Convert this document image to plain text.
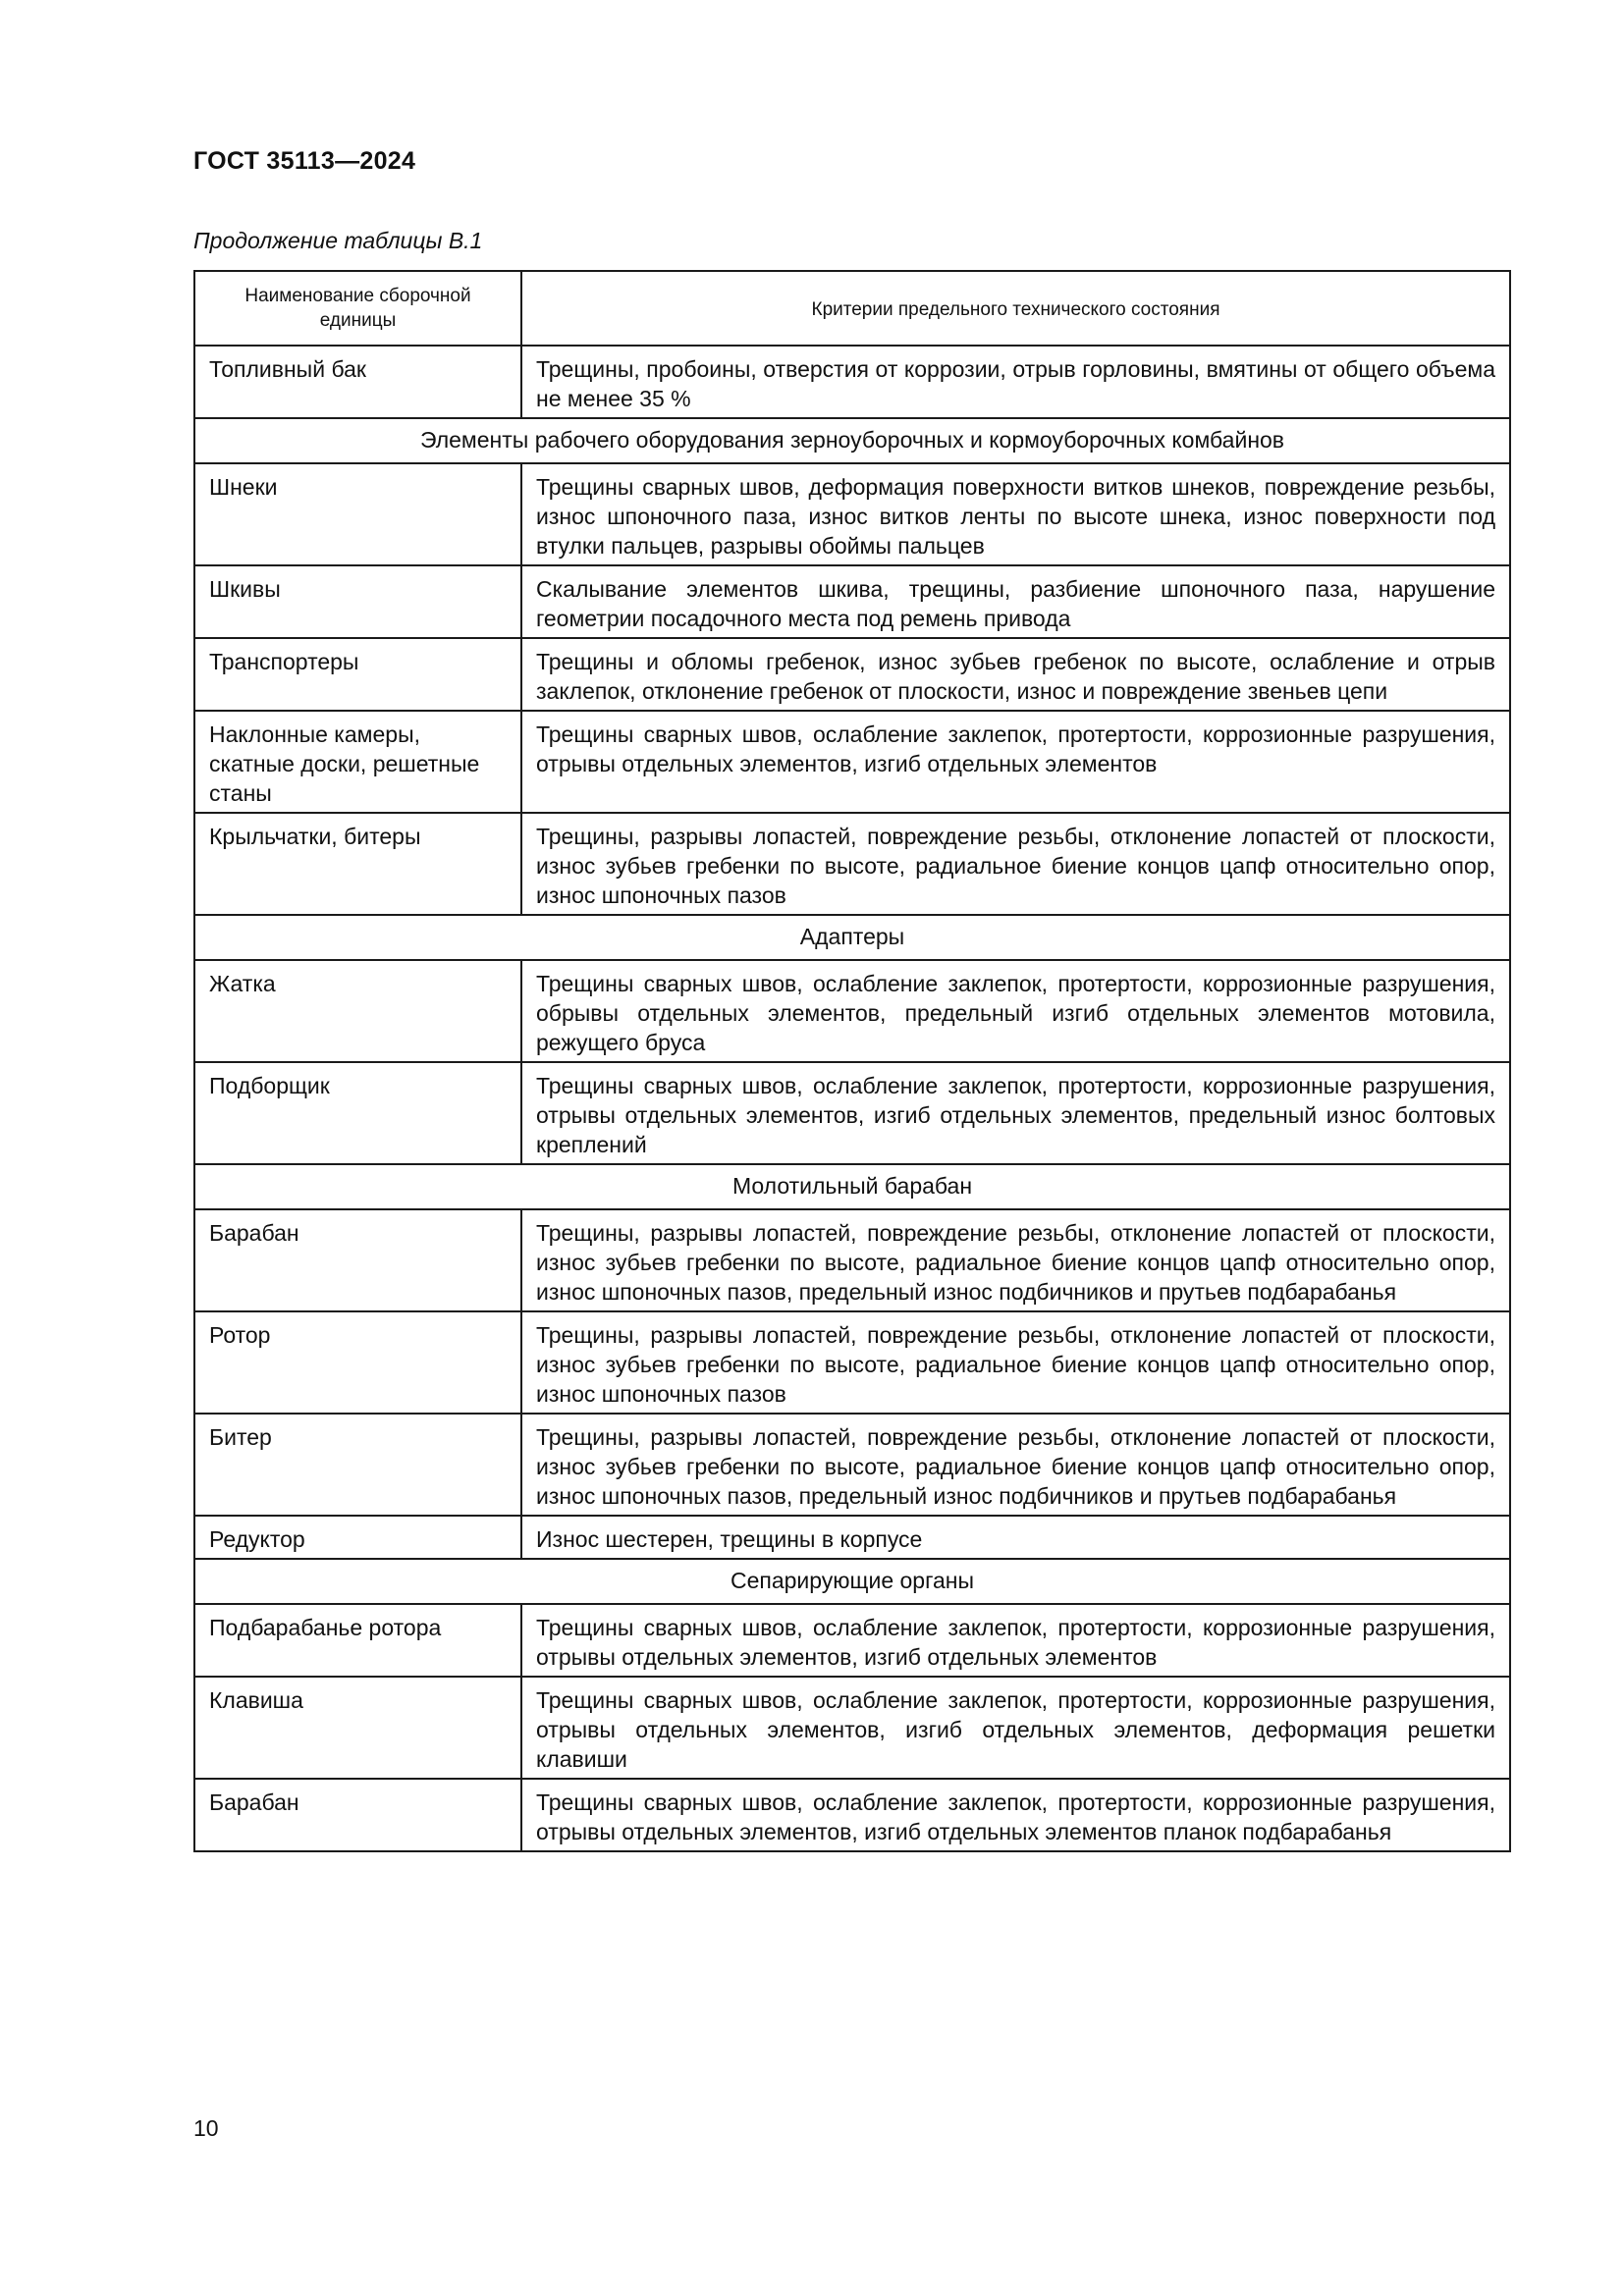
ГОСТ 35113—2024
Продолжение таблицы В.1
Наименование сборочной единицы	Критерии предельного технического состояния
Топливный бак	Трещины, пробоины, отверстия от коррозии, отрыв горловины, вмятины от общего объема не менее 35 %
Элементы рабочего оборудования зерноуборочных и кормоуборочных комбайнов	
Шнеки	Трещины сварных швов, деформация поверхности витков шнеков, повреждение резьбы, износ шпоночного паза, износ витков ленты по высоте шнека, износ поверхности под втулки пальцев, разрывы обоймы пальцев
Шкивы	Скалывание элементов шкива, трещины, разбиение шпоночного паза, нарушение геометрии посадочного места под ремень привода
Транспортеры	Трещины и обломы гребенок, износ зубьев гребенок по высоте, ослабление и отрыв заклепок, отклонение гребенок от плоскости, износ и повреждение звеньев цепи
Наклонные камеры, скатные доски, решетные станы	Трещины сварных швов, ослабление заклепок, протертости, коррозионные разрушения, отрывы отдельных элементов, изгиб отдельных элементов
Крыльчатки, битеры	Трещины, разрывы лопастей, повреждение резьбы, отклонение лопастей от плоскости, износ зубьев гребенки по высоте, радиальное биение концов цапф относительно опор, износ шпоночных пазов
Адаптеры	
Жатка	Трещины сварных швов, ослабление заклепок, протертости, коррозионные разрушения, обрывы отдельных элементов, предельный изгиб отдельных элементов мотовила, режущего бруса
Подборщик	Трещины сварных швов, ослабление заклепок, протертости, коррозионные разрушения, отрывы отдельных элементов, изгиб отдельных элементов, предельный износ болтовых креплений
Молотильный барабан	
Барабан	Трещины, разрывы лопастей, повреждение резьбы, отклонение лопастей от плоскости, износ зубьев гребенки по высоте, радиальное биение концов цапф относительно опор, износ шпоночных пазов, предельный износ подбичников и прутьев подбарабанья
Ротор	Трещины, разрывы лопастей, повреждение резьбы, отклонение лопастей от плоскости, износ зубьев гребенки по высоте, радиальное биение концов цапф относительно опор, износ шпоночных пазов
Битер	Трещины, разрывы лопастей, повреждение резьбы, отклонение лопастей от плоскости, износ зубьев гребенки по высоте, радиальное биение концов цапф относительно опор, износ шпоночных пазов, предельный износ подбичников и прутьев подбарабанья
Редуктор	Износ шестерен, трещины в корпусе
Сепарирующие органы	
Подбарабанье ротора	Трещины сварных швов, ослабление заклепок, протертости, коррозионные разрушения, отрывы отдельных элементов, изгиб отдельных элементов
Клавиша	Трещины сварных швов, ослабление заклепок, протертости, коррозионные разрушения, отрывы отдельных элементов, изгиб отдельных элементов, деформация решетки клавиши
Барабан	Трещины сварных швов, ослабление заклепок, протертости, коррозионные разрушения, отрывы отдельных элементов, изгиб отдельных элементов планок подбарабанья
10
